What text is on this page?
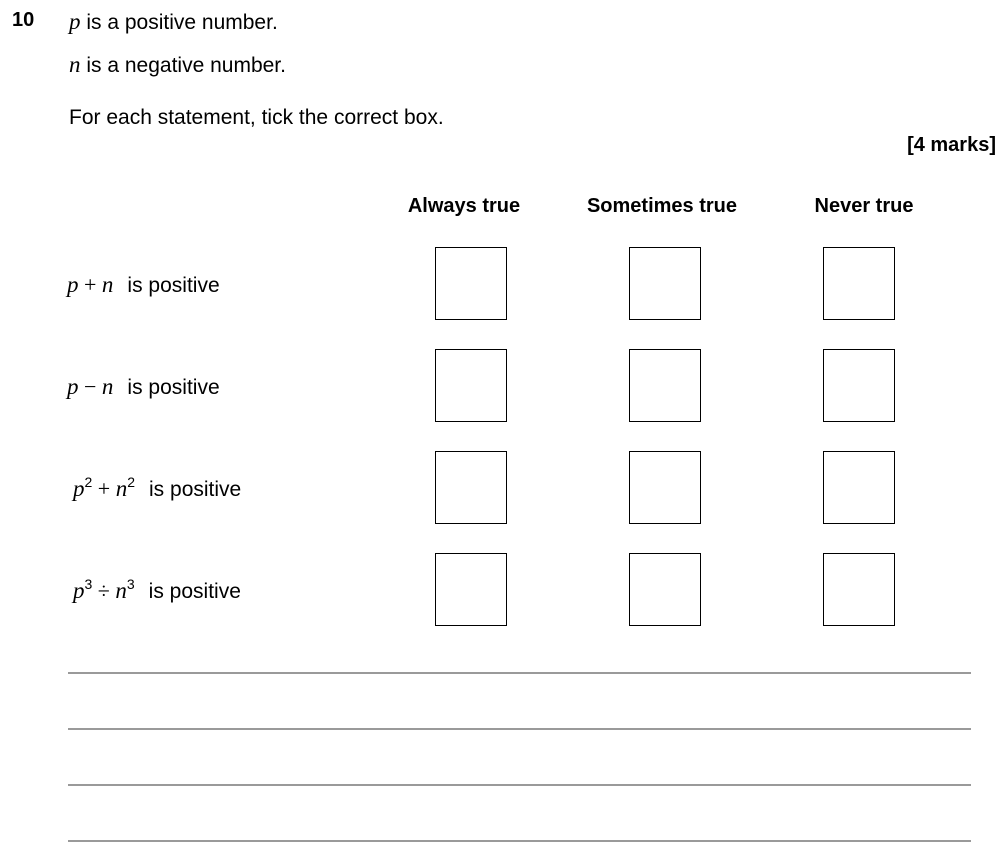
10 p is a positive number.
n is a negative number.
For each statement, tick the correct box.
[4 marks]
Always true	Sometimes true	Never true
p + n is positive
p − n is positive
$p^2 + n^2$ is positive
$p^3 \div n^3$ is positive
